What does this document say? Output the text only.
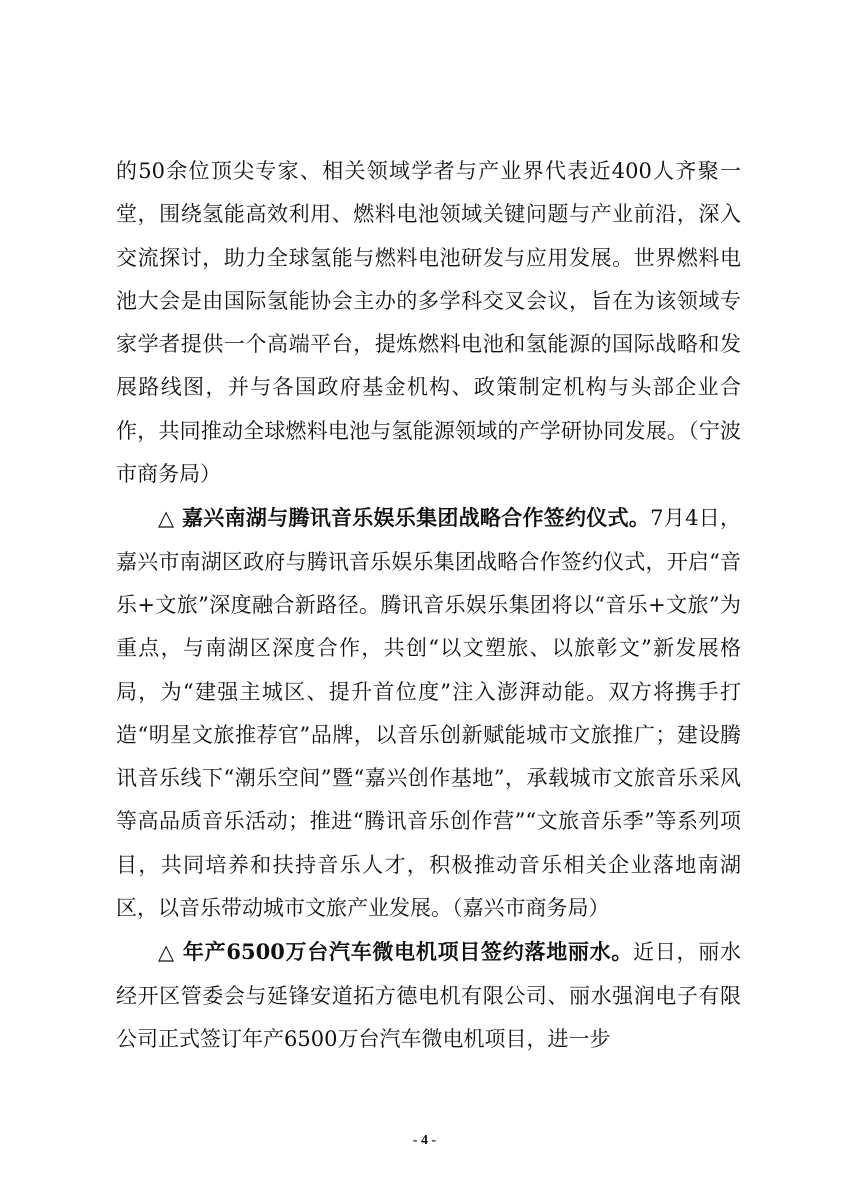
的50余位顶尖专家、相关领域学者与产业界代表近400人齐聚一堂，围绕氢能高效利用、燃料电池领域关键问题与产业前沿，深入交流探讨，助力全球氢能与燃料电池研发与应用发展。世界燃料电池大会是由国际氢能协会主办的多学科交叉会议，旨在为该领域专家学者提供一个高端平台，提炼燃料电池和氢能源的国际战略和发展路线图，并与各国政府基金机构、政策制定机构与头部企业合作，共同推动全球燃料电池与氢能源领域的产学研协同发展。（宁波市商务局）

△ 嘉兴南湖与腾讯音乐娱乐集团战略合作签约仪式。7月4日，嘉兴市南湖区政府与腾讯音乐娱乐集团战略合作签约仪式，开启“音乐+文旅”深度融合新路径。腾讯音乐娱乐集团将以“音乐+文旅”为重点，与南湖区深度合作，共创“以文塑旅、以旅彰文”新发展格局，为“建强主城区、提升首位度”注入澎湃动能。双方将携手打造“明星文旅推荐官”品牌，以音乐创新赋能城市文旅推广；建设腾讯音乐线下“潮乐空间”暨“嘉兴创作基地”，承载城市文旅音乐采风等高品质音乐活动；推进“腾讯音乐创作营”“文旅音乐季”等系列项目，共同培养和扶持音乐人才，积极推动音乐相关企业落地南湖区，以音乐带动城市文旅产业发展。（嘉兴市商务局）

△ 年产6500万台汽车微电机项目签约落地丽水。近日，丽水经开区管委会与延锋安道拓方德电机有限公司、丽水强润电子有限公司正式签订年产6500万台汽车微电机项目，进一步

- 4 -
